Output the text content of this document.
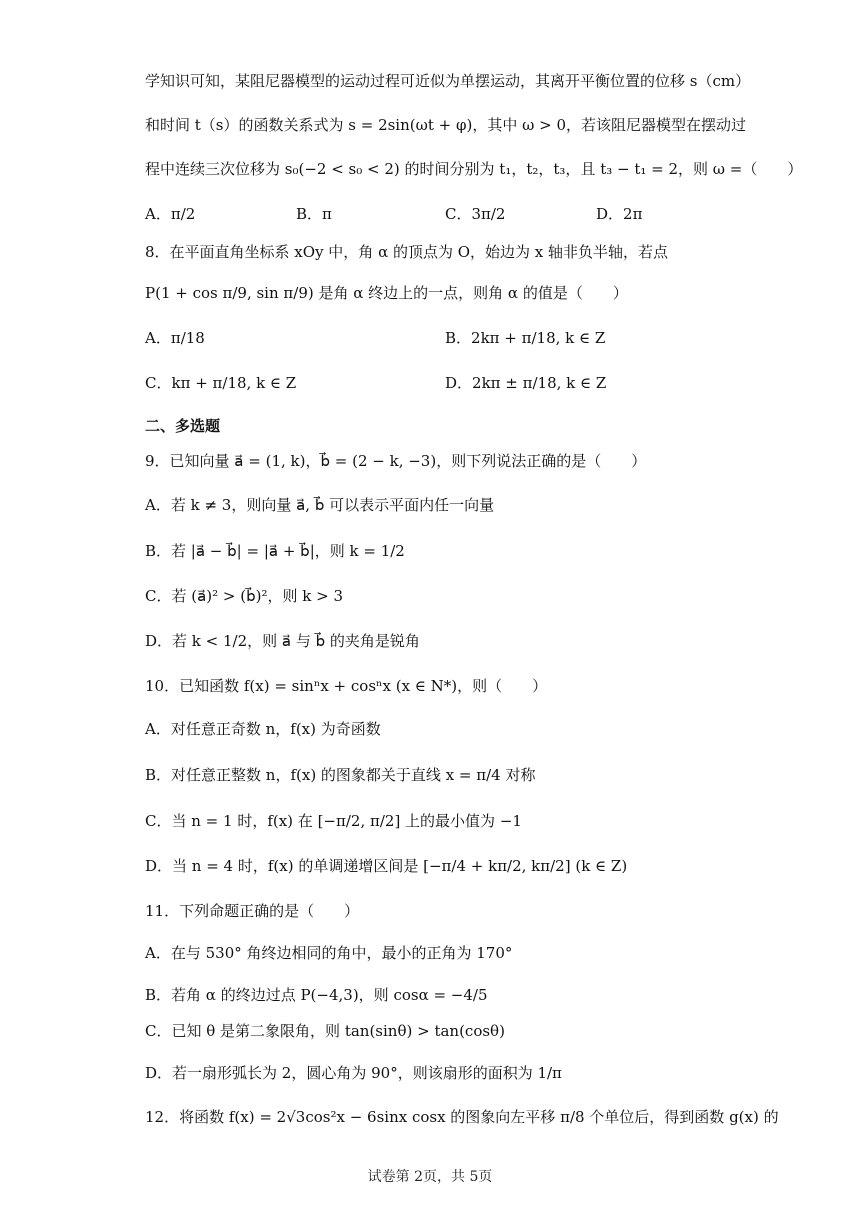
学知识可知，某阻尼器模型的运动过程可近似为单摆运动，其离开平衡位置的位移 s（cm）
和时间 t（s）的函数关系式为 s = 2sin(ωt + φ)，其中 ω > 0，若该阻尼器模型在摆动过
程中连续三次位移为 s₀(−2 < s₀ < 2) 的时间分别为 t₁，t₂，t₃，且 t₃ − t₁ = 2，则 ω =（　　）
A．π/2	B．π	C．3π/2	D．2π
8．在平面直角坐标系 xOy 中，角 α 的顶点为 O，始边为 x 轴非负半轴，若点
P(1 + cos π/9, sin π/9) 是角 α 终边上的一点，则角 α 的值是（　　）
A．π/18	B．2kπ + π/18, k ∈ Z
C．kπ + π/18, k ∈ Z	D．2kπ ± π/18, k ∈ Z
二、多选题
9．已知向量 a⃗ = (1, k)，b⃗ = (2 − k, −3)，则下列说法正确的是（　　）
A．若 k ≠ 3，则向量 a⃗, b⃗ 可以表示平面内任一向量
B．若 |a⃗ − b⃗| = |a⃗ + b⃗|，则 k = 1/2
C．若 (a⃗)² > (b⃗)²，则 k > 3
D．若 k < 1/2，则 a⃗ 与 b⃗ 的夹角是锐角
10．已知函数 f(x) = sinⁿx + cosⁿx (x ∈ N*)，则（　　）
A．对任意正奇数 n，f(x) 为奇函数
B．对任意正整数 n，f(x) 的图象都关于直线 x = π/4 对称
C．当 n = 1 时，f(x) 在 [−π/2, π/2] 上的最小值为 −1
D．当 n = 4 时，f(x) 的单调递增区间是 [−π/4 + kπ/2, kπ/2] (k ∈ Z)
11．下列命题正确的是（　　）
A．在与 530° 角终边相同的角中，最小的正角为 170°
B．若角 α 的终边过点 P(−4,3)，则 cosα = −4/5
C．已知 θ 是第二象限角，则 tan(sinθ) > tan(cosθ)
D．若一扇形弧长为 2，圆心角为 90°，则该扇形的面积为 1/π
12．将函数 f(x) = 2√3cos²x − 6sinx cosx 的图象向左平移 π/8 个单位后，得到函数 g(x) 的
试卷第 2页，共 5页
